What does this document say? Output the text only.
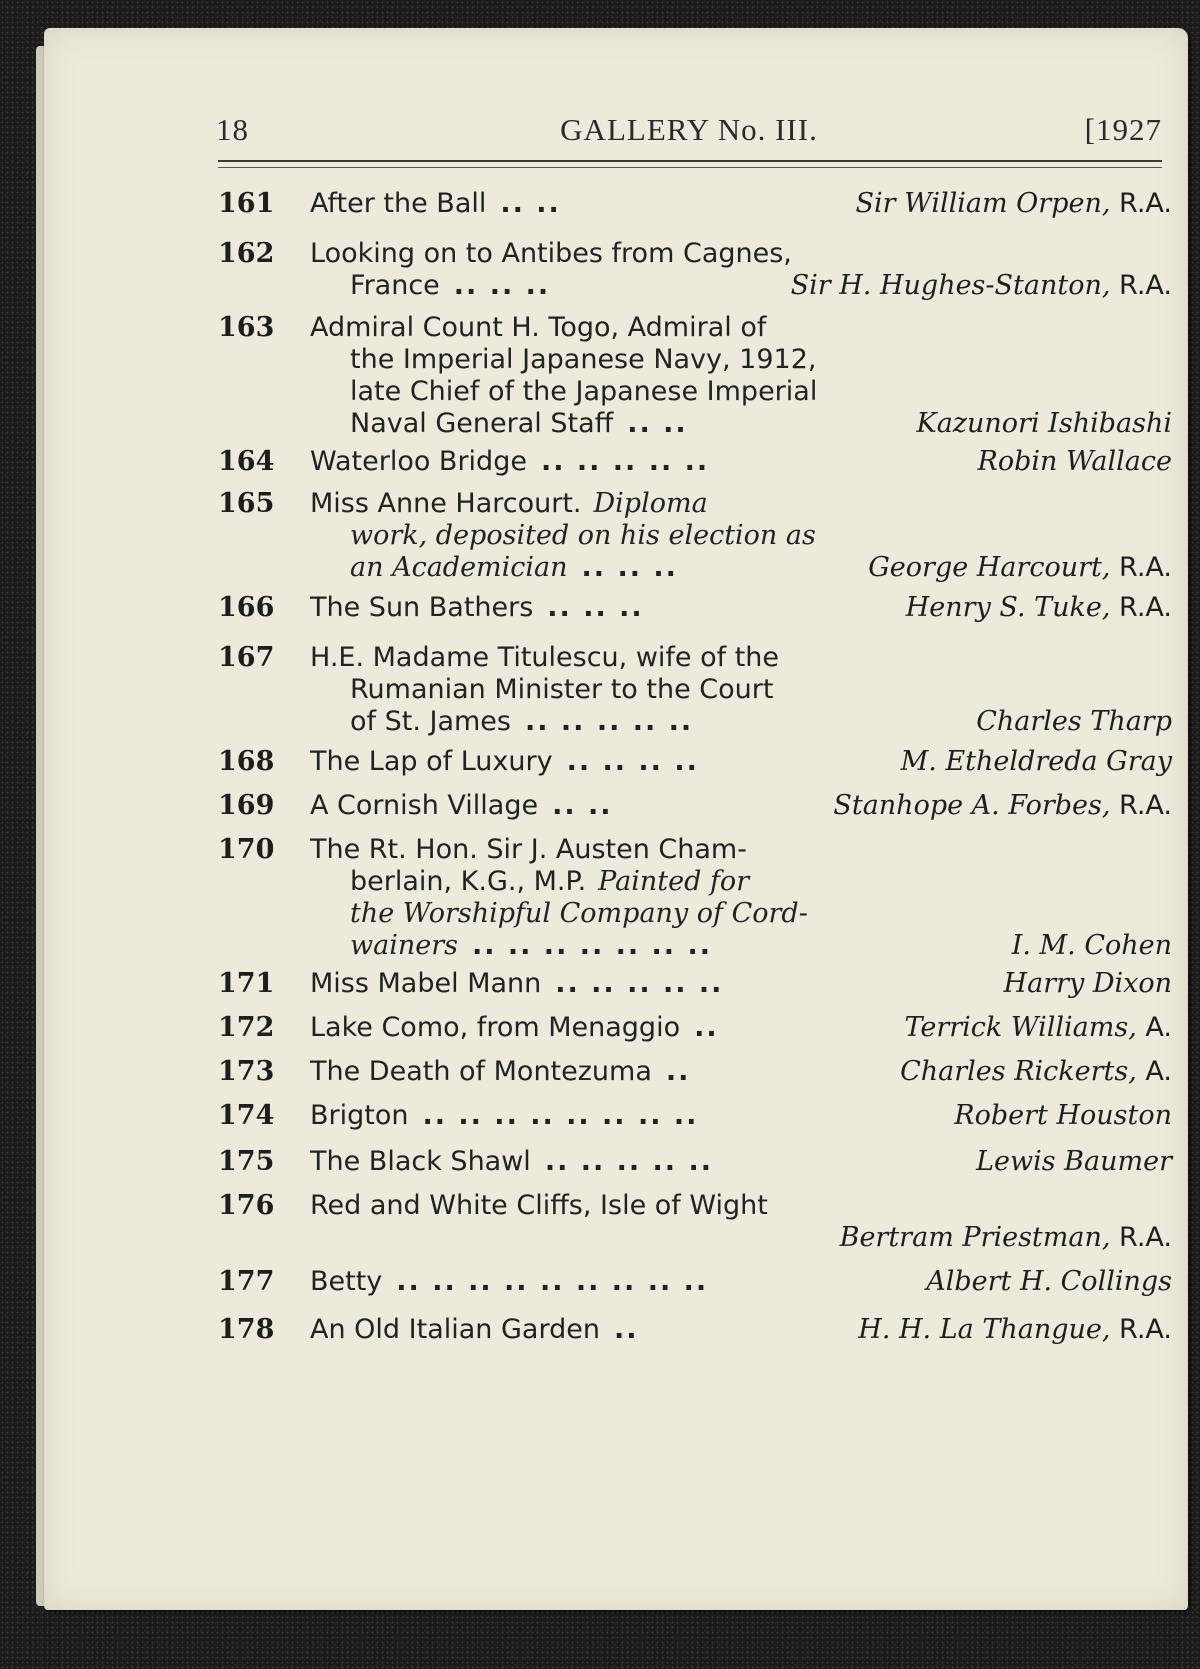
18	GALLERY No. III.	[1927
161 After the Ball .. ..	Sir William Orpen, R.A.
162 Looking on to Antibes from Cagnes,
France .. .. ..	Sir H. Hughes-Stanton, R.A.
163 Admiral Count H. Togo, Admiral of
the Imperial Japanese Navy, 1912,
late Chief of the Japanese Imperial
Naval General Staff .. ..	Kazunori Ishibashi
164 Waterloo Bridge .. .. .. .. ..	Robin Wallace
165 Miss Anne Harcourt. Diploma
work, deposited on his election as
an Academician .. .. ..	George Harcourt, R.A.
166 The Sun Bathers .. .. ..	Henry S. Tuke, R.A.
167 H.E. Madame Titulescu, wife of the
Rumanian Minister to the Court
of St. James .. .. .. .. ..	Charles Tharp
168 The Lap of Luxury .. .. .. ..	M. Etheldreda Gray
169 A Cornish Village .. ..	Stanhope A. Forbes, R.A.
170 The Rt. Hon. Sir J. Austen Cham-
berlain, K.G., M.P. Painted for
the Worshipful Company of Cord-
wainers .. .. .. .. .. .. ..	I. M. Cohen
171 Miss Mabel Mann .. .. .. .. ..	Harry Dixon
172 Lake Como, from Menaggio ..	Terrick Williams, A.
173 The Death of Montezuma ..	Charles Rickerts, A.
174 Brigton .. .. .. .. .. .. .. ..	Robert Houston
175 The Black Shawl .. .. .. .. ..	Lewis Baumer
176 Red and White Cliffs, Isle of Wight
Bertram Priestman, R.A.
177 Betty .. .. .. .. .. .. .. .. ..	Albert H. Collings
178 An Old Italian Garden ..	H. H. La Thangue, R.A.
